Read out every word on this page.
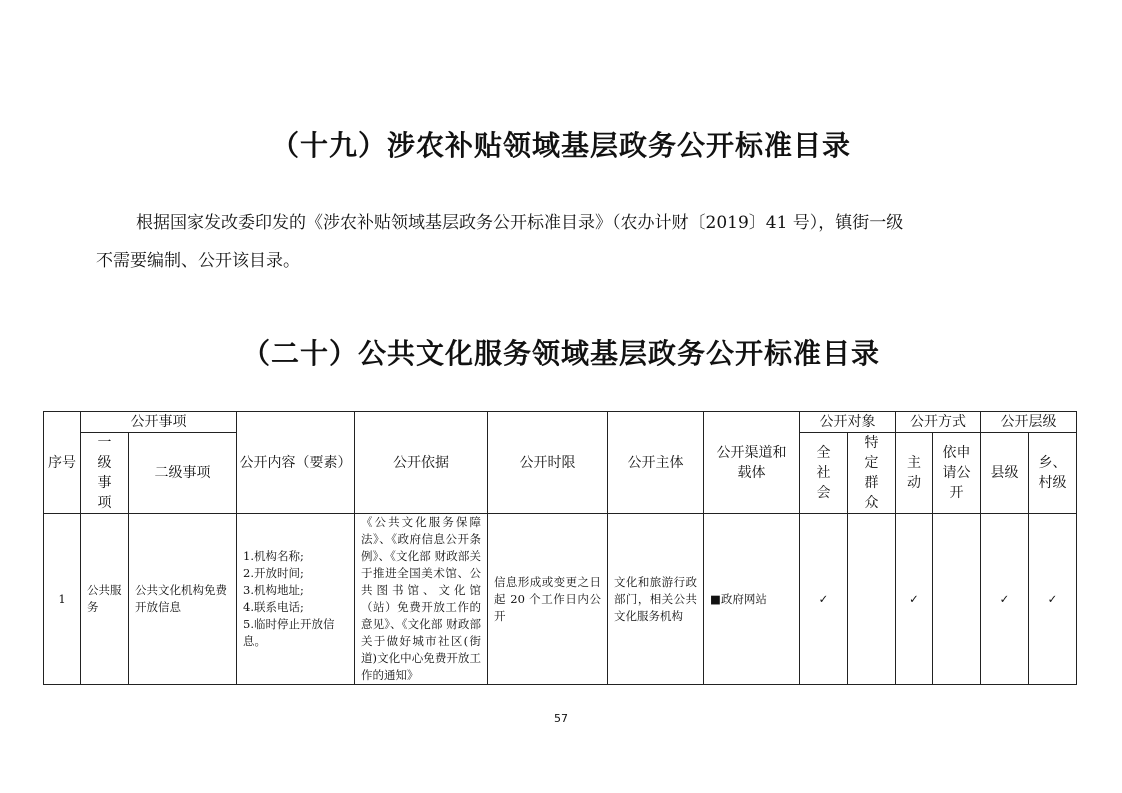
（十九）涉农补贴领域基层政务公开标准目录
根据国家发改委印发的《涉农补贴领域基层政务公开标准目录》（农办计财〔2019〕41 号），镇街一级
不需要编制、公开该目录。
（二十）公共文化服务领域基层政务公开标准目录
序号	公开事项		公开内容（要素）	公开依据	公开时限	公开主体	公开渠道和载体	公开对象		公开方式		公开层级	
	一级事项	二级事项						全社会	特定群众	主动	依申请公开	县级	乡、村级
1	公共服务	公共文化机构免费开放信息	1.机构名称;
2.开放时间;
3.机构地址;
4.联系电话;
5.临时停止开放信息。	《公共文化服务保障法》、《政府信息公开条例》、《文化部 财政部关于推进全国美术馆、公共图书馆、文化馆（站）免费开放工作的意见》、《文化部 财政部关于做好城市社区(街道)文化中心免费开放工作的通知》	信息形成或变更之日起 20 个工作日内公开	文化和旅游行政部门，相关公共文化服务机构	■政府网站	✓		✓		✓	✓
57
